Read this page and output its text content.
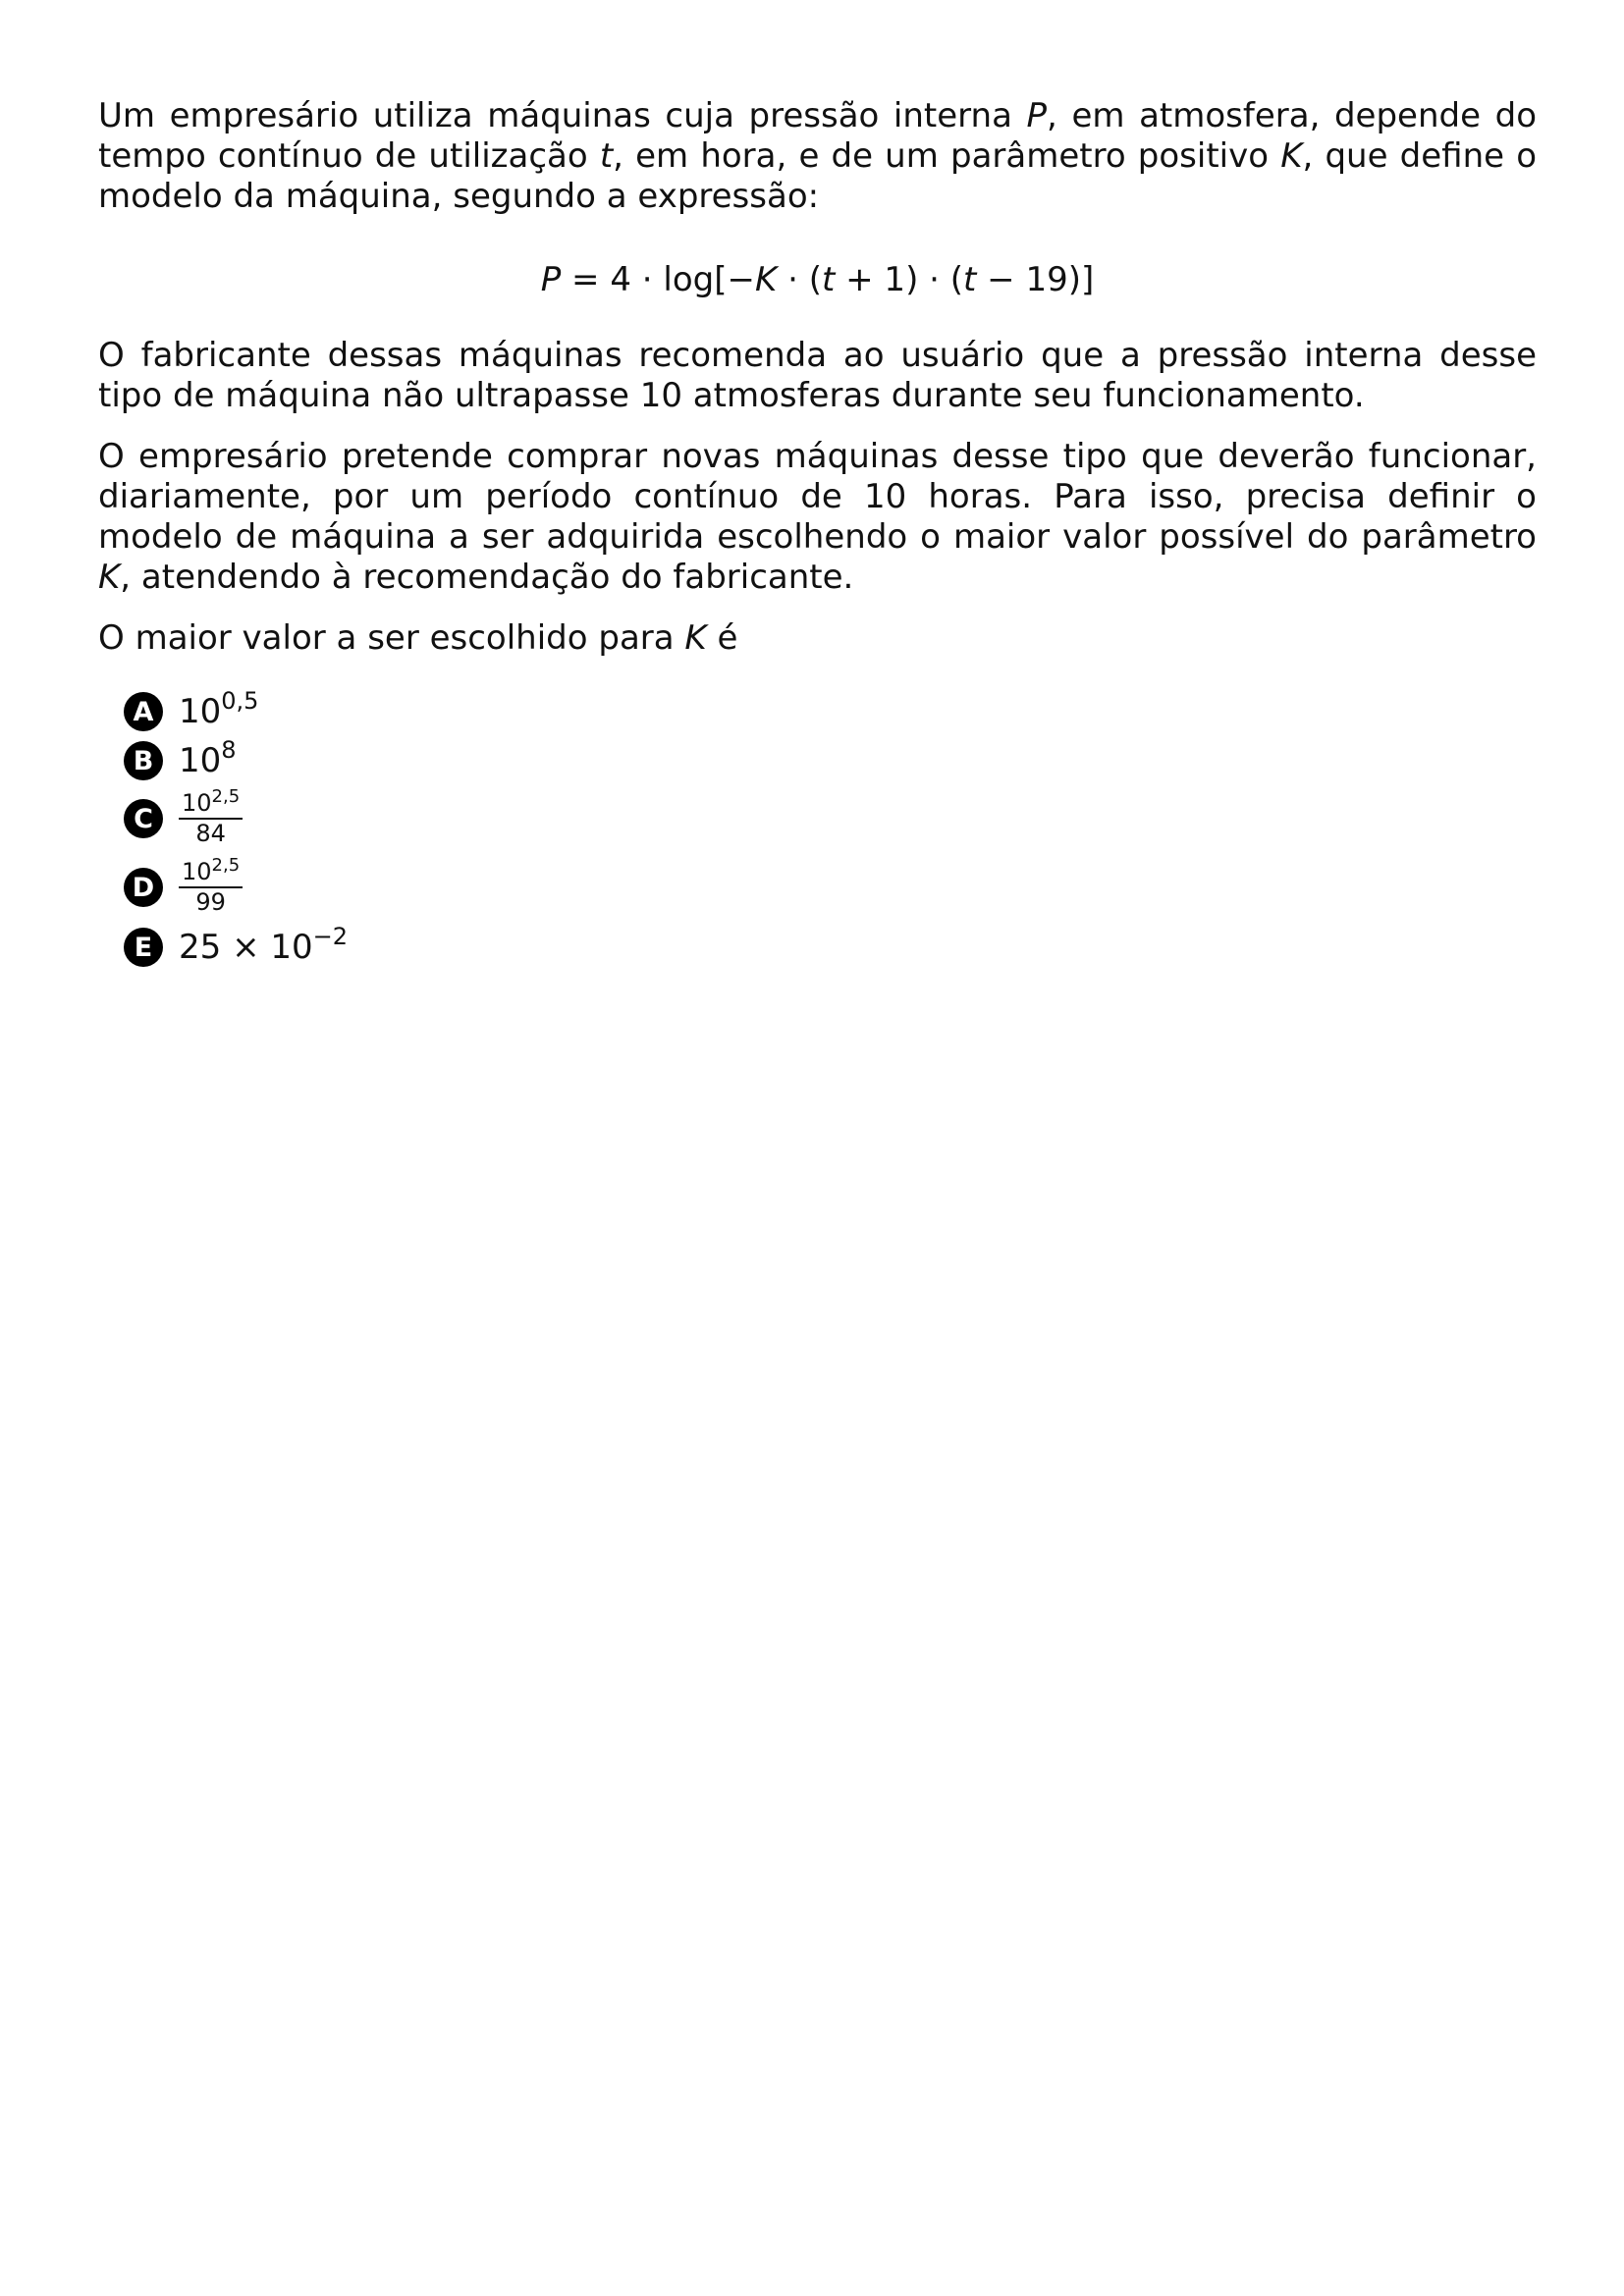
Um empresário utiliza máquinas cuja pressão interna P, em atmosfera, depende do tempo contínuo de utilização t, em hora, e de um parâmetro positivo K, que define o modelo da máquina, segundo a expressão:

P = 4 · log[−K · (t + 1) · (t − 19)]

O fabricante dessas máquinas recomenda ao usuário que a pressão interna desse tipo de máquina não ultrapasse 10 atmosferas durante seu funcionamento.

O empresário pretende comprar novas máquinas desse tipo que deverão funcionar, diariamente, por um período contínuo de 10 horas. Para isso, precisa definir o modelo de máquina a ser adquirida escolhendo o maior valor possível do parâmetro K, atendendo à recomendação do fabricante.

O maior valor a ser escolhido para K é

A 10$^{0,5}$
B $10^8$
C	$\frac{10^{2,5}}{84}$
D	$\frac{10^{2,5}}{99}$
E $25 \times 10^{-2}$
